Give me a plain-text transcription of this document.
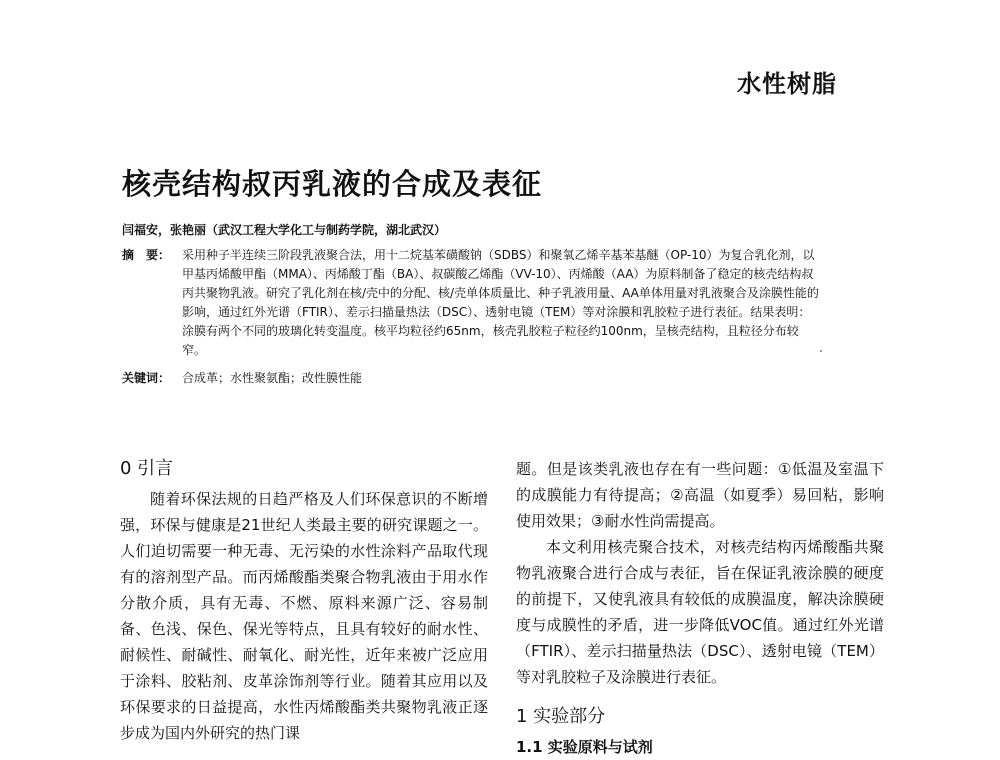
水性树脂
核壳结构叔丙乳液的合成及表征
闫福安，张艳丽（武汉工程大学化工与制药学院，湖北武汉）
摘　要： 采用种子半连续三阶段乳液聚合法，用十二烷基苯磺酸钠（SDBS）和聚氧乙烯辛基苯基醚（OP-10）为复合乳化剂，以甲基丙烯酸甲酯（MMA）、丙烯酸丁酯（BA）、叔碳酸乙烯酯（VV-10）、丙烯酸（AA）为原料制备了稳定的核壳结构叔丙共聚物乳液。研究了乳化剂在核/壳中的分配、核/壳单体质量比、种子乳液用量、AA单体用量对乳液聚合及涂膜性能的影响，通过红外光谱（FTIR）、差示扫描量热法（DSC）、透射电镜（TEM）等对涂膜和乳胶粒子进行表征。结果表明：涂膜有两个不同的玻璃化转变温度。核平均粒径约65nm，核壳乳胶粒子粒径约100nm，呈核壳结构，且粒径分布较窄。
关键词： 合成革；水性聚氨酯；改性膜性能
0 引言

随着环保法规的日趋严格及人们环保意识的不断增强，环保与健康是21世纪人类最主要的研究课题之一。人们迫切需要一种无毒、无污染的水性涂料产品取代现有的溶剂型产品。而丙烯酸酯类聚合物乳液由于用水作分散介质，具有无毒、不燃、原料来源广泛、容易制备、色浅、保色、保光等特点，且具有较好的耐水性、耐候性、耐碱性、耐氧化、耐光性，近年来被广泛应用于涂料、胶粘剂、皮革涂饰剂等行业。随着其应用以及环保要求的日益提高，水性丙烯酸酯类共聚物乳液正逐步成为国内外研究的热门课

题。但是该类乳液也存在有一些问题：①低温及室温下的成膜能力有待提高；②高温（如夏季）易回粘，影响使用效果；③耐水性尚需提高。

本文利用核壳聚合技术，对核壳结构丙烯酸酯共聚物乳液聚合进行合成与表征，旨在保证乳液涂膜的硬度的前提下，又使乳液具有较低的成膜温度，解决涂膜硬度与成膜性的矛盾，进一步降低VOC值。通过红外光谱（FTIR）、差示扫描量热法（DSC）、透射电镜（TEM）等对乳胶粒子及涂膜进行表征。

1 实验部分
1.1 实验原料与试剂
